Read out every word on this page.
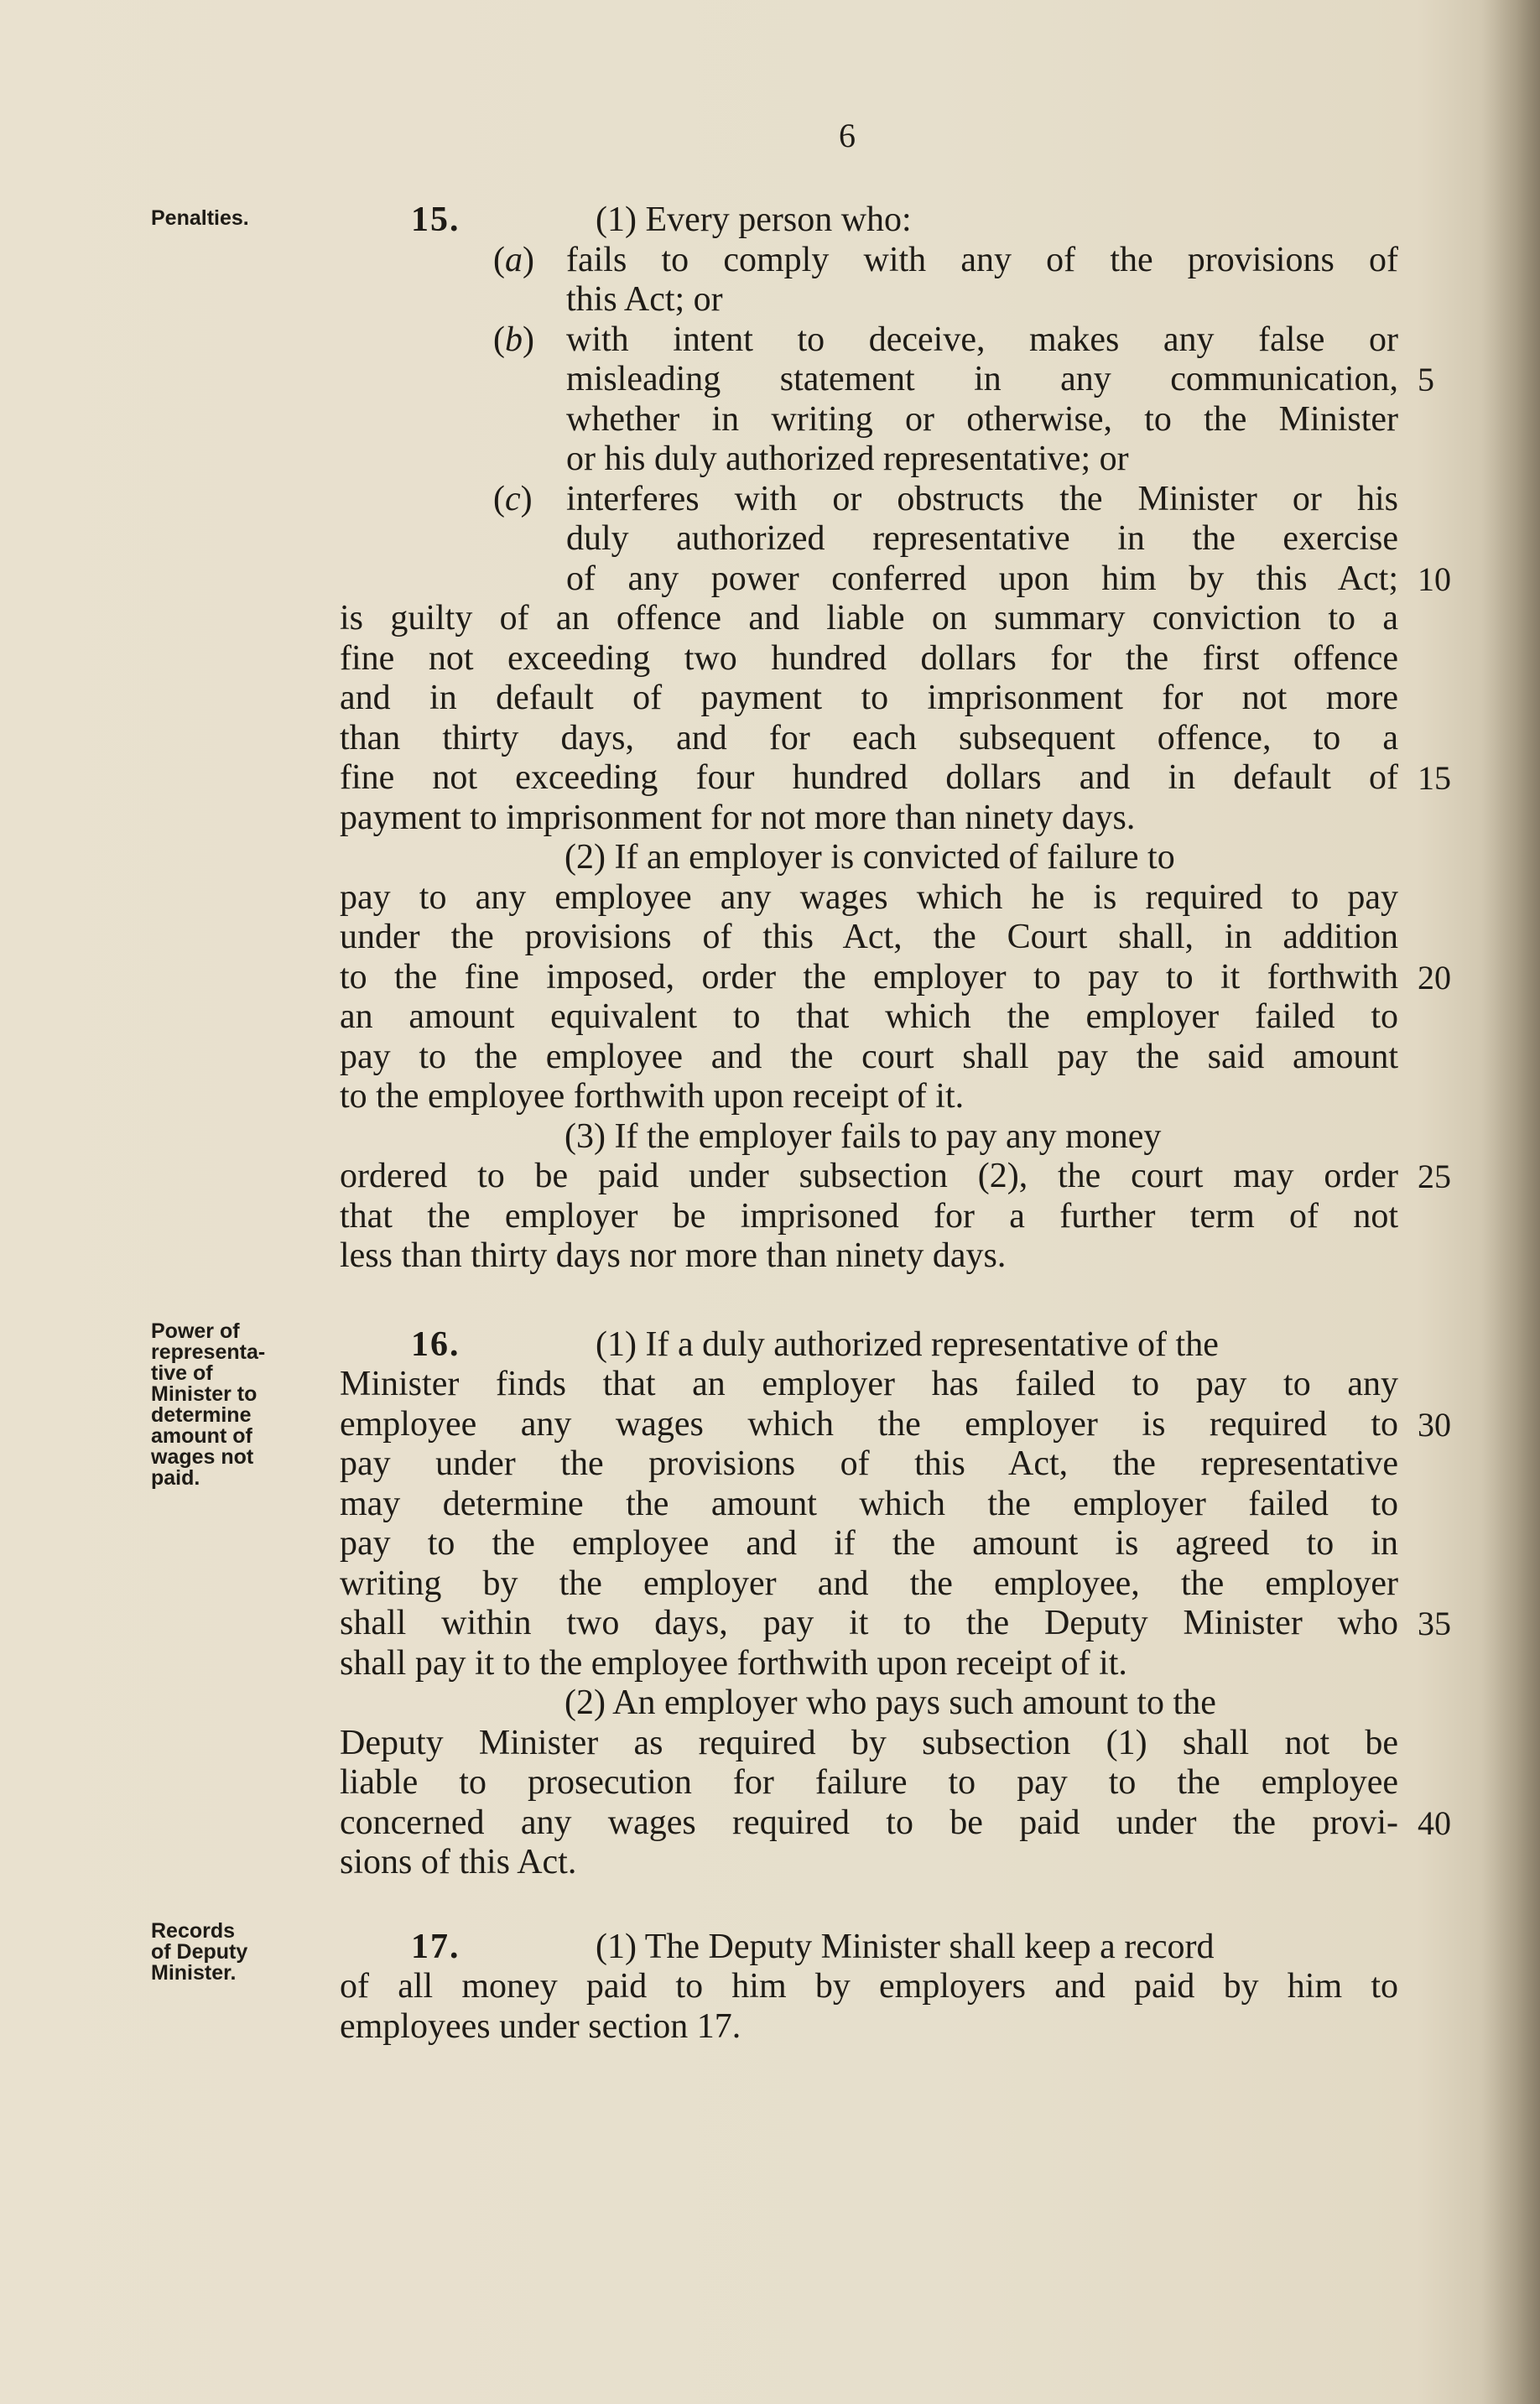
6
Penalties.
Power of
representa-
tive of
Minister to
determine
amount of
wages not
paid.
Records
of Deputy
Minister.
15 .	(1) Every person who:
(a) fails to comply with any of the provisions of
this Act; or
(b) with intent to deceive, makes any false or
misleading statement in any communication,
whether in writing or otherwise, to the Minister
or his duly authorized representative; or
(c) interferes with or obstructs the Minister or his
duly authorized representative in the exercise
of any power conferred upon him by this Act;
is guilty of an offence and liable on summary conviction to a
fine not exceeding two hundred dollars for the first offence
and in default of payment to imprisonment for not more
than thirty days, and for each subsequent offence, to a
fine not exceeding four hundred dollars and in default of
payment to imprisonment for not more than ninety days.
(2) If an employer is convicted of failure to
pay to any employee any wages which he is required to pay
under the provisions of this Act, the Court shall, in addition
to the fine imposed, order the employer to pay to it forthwith
an amount equivalent to that which the employer failed to
pay to the employee and the court shall pay the said amount
to the employee forthwith upon receipt of it.
(3) If the employer fails to pay any money
ordered to be paid under subsection (2), the court may order
that the employer be imprisoned for a further term of not
less than thirty days nor more than ninety days.
16 .	(1) If a duly authorized representative of the
Minister finds that an employer has failed to pay to any
employee any wages which the employer is required to
pay under the provisions of this Act, the representative
may determine the amount which the employer failed to
pay to the employee and if the amount is agreed to in
writing by the employer and the employee, the employer
shall within two days, pay it to the Deputy Minister who
shall pay it to the employee forthwith upon receipt of it.
(2) An employer who pays such amount to the
Deputy Minister as required by subsection (1) shall not be
liable to prosecution for failure to pay to the employee
concerned any wages required to be paid under the provi-
sions of this Act.
17 .	(1) The Deputy Minister shall keep a record
of all money paid to him by employers and paid by him to
employees under section 17.
5
10
15
20
25
30
35
40
